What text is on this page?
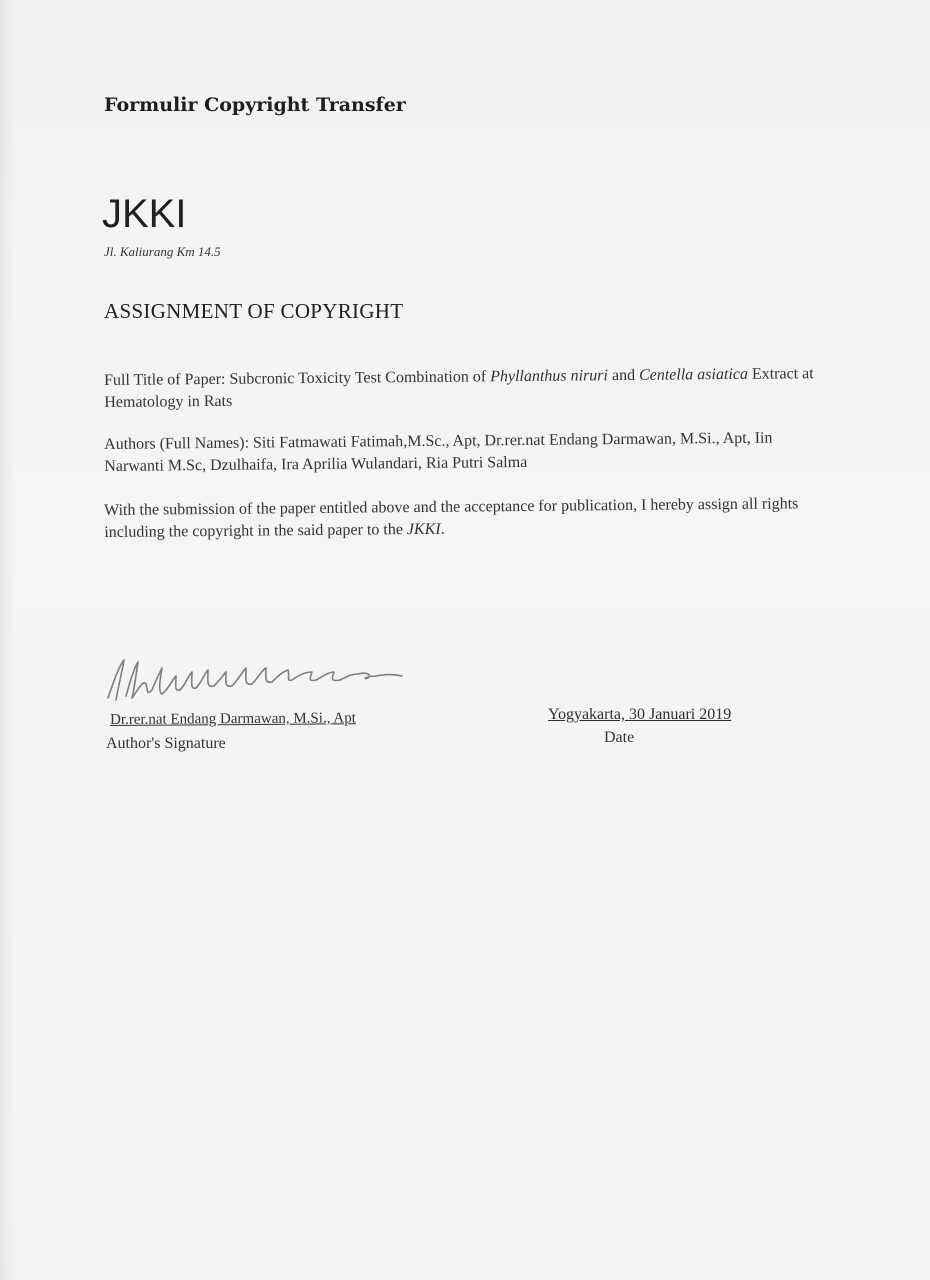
Formulir Copyright Transfer
JKKI
Jl. Kaliurang Km 14.5
ASSIGNMENT OF COPYRIGHT
Full Title of Paper: Subcronic Toxicity Test Combination of Phyllanthus niruri and Centella asiatica Extract at Hematology in Rats
Authors (Full Names): Siti Fatmawati Fatimah,M.Sc., Apt, Dr.rer.nat Endang Darmawan, M.Si., Apt, Iin Narwanti M.Sc, Dzulhaifa, Ira Aprilia Wulandari, Ria Putri Salma
With the submission of the paper entitled above and the acceptance for publication, I hereby assign all rights including the copyright in the said paper to the JKKI.
Dr.rer.nat Endang Darmawan, M.Si., Apt
Author's Signature
Yogyakarta, 30 Januari 2019
Date
